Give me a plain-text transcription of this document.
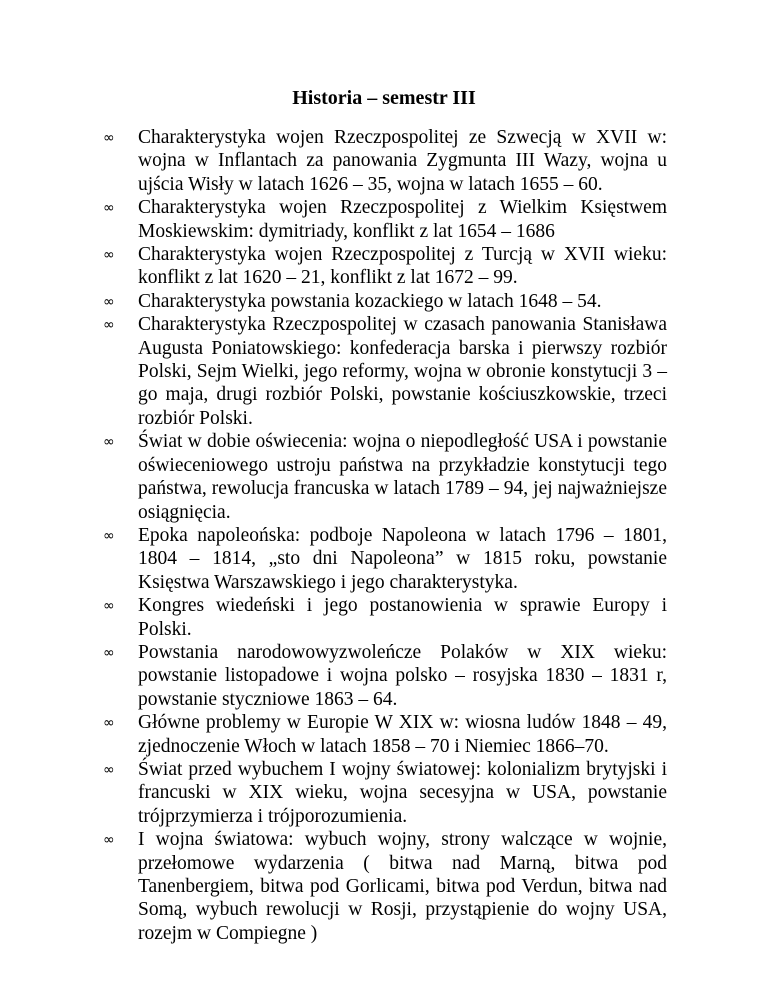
Historia – semestr III
∞ Charakterystyka wojen Rzeczpospolitej ze Szwecją w XVII w: wojna w Inflantach za panowania Zygmunta III Wazy, wojna u ujścia Wisły w latach 1626 – 35, wojna w latach 1655 – 60.
∞ Charakterystyka wojen Rzeczpospolitej z Wielkim Księstwem Moskiewskim: dymitriady, konflikt z lat 1654 – 1686
∞ Charakterystyka wojen Rzeczpospolitej z Turcją w XVII wieku: konflikt z lat 1620 – 21, konflikt z lat 1672 – 99.
∞ Charakterystyka powstania kozackiego w latach 1648 – 54.
∞ Charakterystyka Rzeczpospolitej w czasach panowania Stanisława Augusta Poniatowskiego: konfederacja barska i pierwszy rozbiór Polski, Sejm Wielki, jego reformy, wojna w obronie konstytucji 3 – go maja, drugi rozbiór Polski, powstanie kościuszkowskie, trzeci rozbiór Polski.
∞ Świat w dobie oświecenia: wojna o niepodległość USA i powstanie oświeceniowego ustroju państwa na przykładzie konstytucji tego państwa, rewolucja francuska w latach 1789 – 94, jej najważniejsze osiągnięcia.
∞ Epoka napoleońska: podboje Napoleona w latach 1796 – 1801, 1804 – 1814, „sto dni Napoleona” w 1815 roku, powstanie Księstwa Warszawskiego i jego charakterystyka.
∞ Kongres wiedeński i jego postanowienia w sprawie Europy i Polski.
∞ Powstania narodowowyzwoleńcze Polaków w XIX wieku: powstanie listopadowe i wojna polsko – rosyjska 1830 – 1831 r, powstanie styczniowe 1863 – 64.
∞ Główne problemy w Europie W XIX w: wiosna ludów 1848 – 49, zjednoczenie Włoch w latach 1858 – 70 i Niemiec 1866–70.
∞ Świat przed wybuchem I wojny światowej: kolonializm brytyjski i francuski w XIX wieku, wojna secesyjna w USA, powstanie trójprzymierza i trójporozumienia.
∞ I wojna światowa: wybuch wojny, strony walczące w wojnie, przełomowe wydarzenia ( bitwa nad Marną, bitwa pod Tanenbergiem, bitwa pod Gorlicami, bitwa pod Verdun, bitwa nad Somą, wybuch rewolucji w Rosji, przystąpienie do wojny USA, rozejm w Compiegne )
